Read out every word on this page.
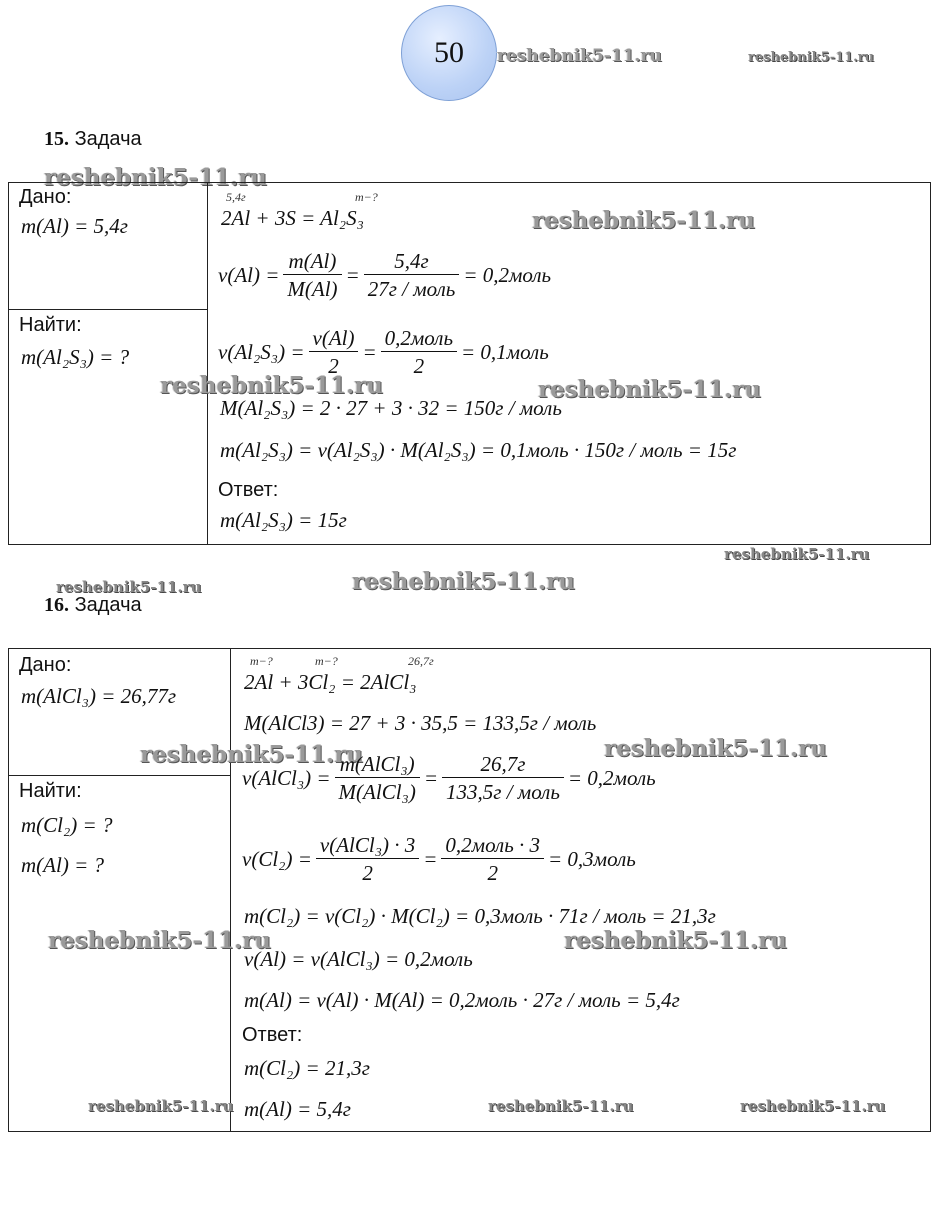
50 reshebnik5-11.ru	reshebnik5-11.ru
15. Задача
reshebnik5-11.ru
Дано:
m(Al) = 5,4г
Найти:
m(Al₂S₃) = ?
5,4г	m−?
2Al + 3S = Al₂S₃
$\nu(Al) = \frac{m(Al)}{M(Al)} = \frac{5,4г}{\text{27г / моль}}$ = 0,2моль
$\nu(Al_2S_3) = \frac{\nu(Al)}{2} = \frac{\text{0,2моль}}{2}$ = 0,1моль
reshebnik5-11.ru	reshebnik5-11.ru
reshebnik5-11.ru
M(Al₂S₃) = 2 · 27 + 3 · 32 = 150г / моль
m(Al₂S₃) = ν(Al₂S₃) · M(Al₂S₃) = 0,1моль · 150г / моль = 15г
Ответ:
m(Al₂S₃) = 15г
reshebnik5-11.ru
reshebnik5-11.ru	reshebnik5-11.ru
16. Задача
Дано:
m(AlCl₃) = 26,77г
Найти:
m(Cl₂) = ?
m(Al) = ?
m−?	m−?	26,7г
2Al + 3Cl₂ = 2AlCl₃
M(AlCl3) = 27 + 3 · 35,5 = 133,5г / моль
reshebnik5-11.ru	reshebnik5-11.ru
ν(AlCl₃) = $\frac{\text{m(AlCl₃)}}{\text{M(AlCl₃)}} = \frac{26,7г}{\text{133,5г / моль}}$ = 0,2моль
$\nu(Cl_2) = \frac{\text{ν(AlCl₃) · 3}}{2} = \frac{\text{0,2моль · 3}}{2}$ = 0,3моль
m(Cl₂) = ν(Cl₂) · M(Cl₂) = 0,3моль · 71г / моль = 21,3г
reshebnik5-11.ru	reshebnik5-11.ru
ν(Al) = ν(AlCl₃) = 0,2моль
m(Al) = ν(Al) · M(Al) = 0,2моль · 27г / моль = 5,4г
Ответ:
m(Cl₂) = 21,3г
m(Al) = 5,4г
reshebnik5-11.ru	reshebnik5-11.ru	reshebnik5-11.ru
